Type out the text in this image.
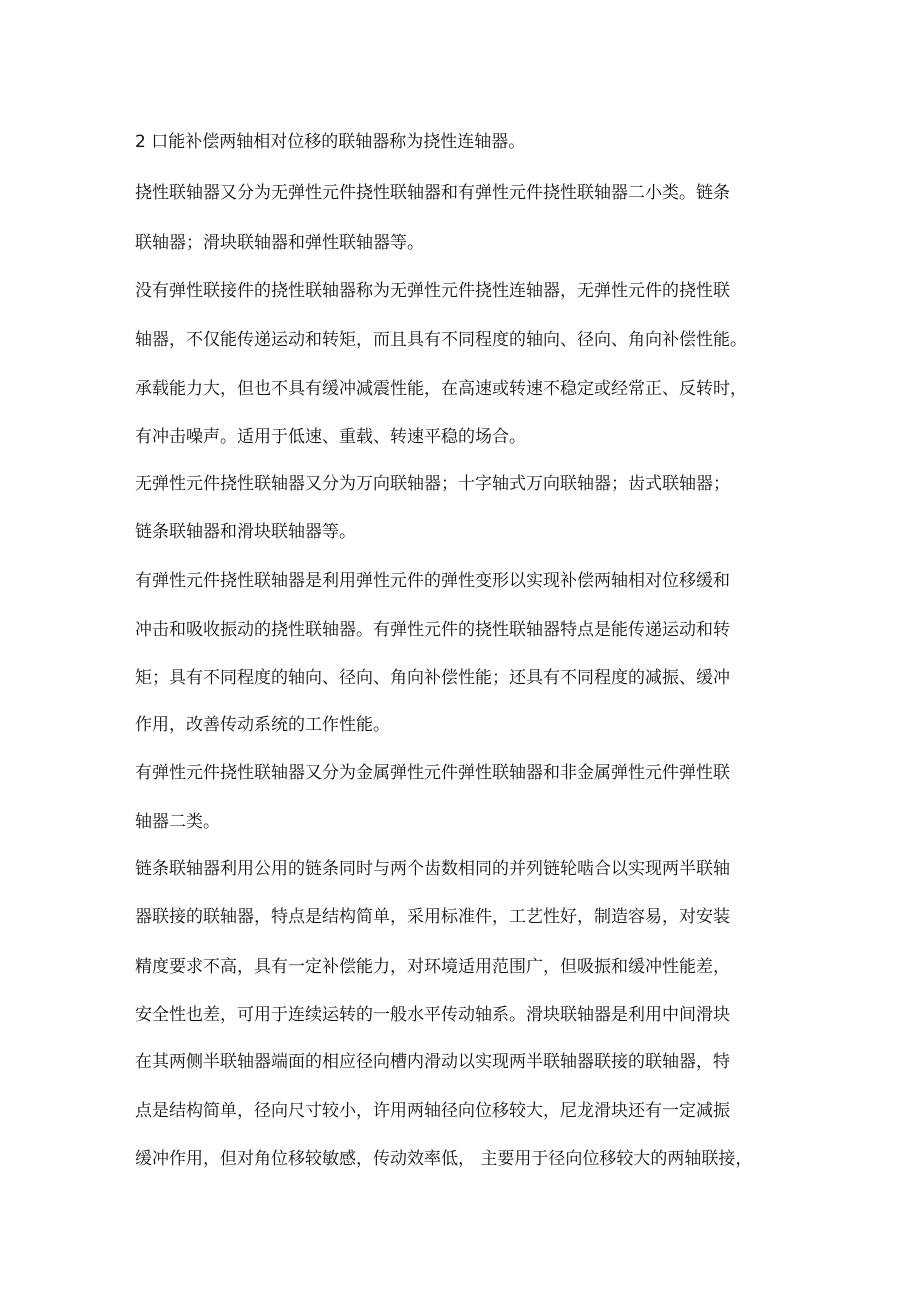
2 口能补偿两轴相对位移的联轴器称为挠性连轴器。

挠性联轴器又分为无弹性元件挠性联轴器和有弹性元件挠性联轴器二小类。链条

联轴器；滑块联轴器和弹性联轴器等。

没有弹性联接件的挠性联轴器称为无弹性元件挠性连轴器，无弹性元件的挠性联

轴器，不仅能传递运动和转矩，而且具有不同程度的轴向、径向、角向补偿性能。

承载能力大，但也不具有缓冲减震性能，在高速或转速不稳定或经常正、反转时，

有冲击噪声。适用于低速、重载、转速平稳的场合。

无弹性元件挠性联轴器又分为万向联轴器；十字轴式万向联轴器；齿式联轴器；

链条联轴器和滑块联轴器等。

有弹性元件挠性联轴器是利用弹性元件的弹性变形以实现补偿两轴相对位移缓和

冲击和吸收振动的挠性联轴器。有弹性元件的挠性联轴器特点是能传递运动和转

矩；具有不同程度的轴向、径向、角向补偿性能；还具有不同程度的减振、缓冲

作用，改善传动系统的工作性能。

有弹性元件挠性联轴器又分为金属弹性元件弹性联轴器和非金属弹性元件弹性联

轴器二类。

链条联轴器利用公用的链条同时与两个齿数相同的并列链轮啮合以实现两半联轴

器联接的联轴器，特点是结构简单，采用标准件，工艺性好，制造容易，对安装

精度要求不高，具有一定补偿能力，对环境适用范围广，但吸振和缓冲性能差，

安全性也差，可用于连续运转的一般水平传动轴系。滑块联轴器是利用中间滑块

在其两侧半联轴器端面的相应径向槽内滑动以实现两半联轴器联接的联轴器，特

点是结构简单，径向尺寸较小，许用两轴径向位移较大，尼龙滑块还有一定减振

缓冲作用，但对角位移较敏感，传动效率低， 主要用于径向位移较大的两轴联接，
